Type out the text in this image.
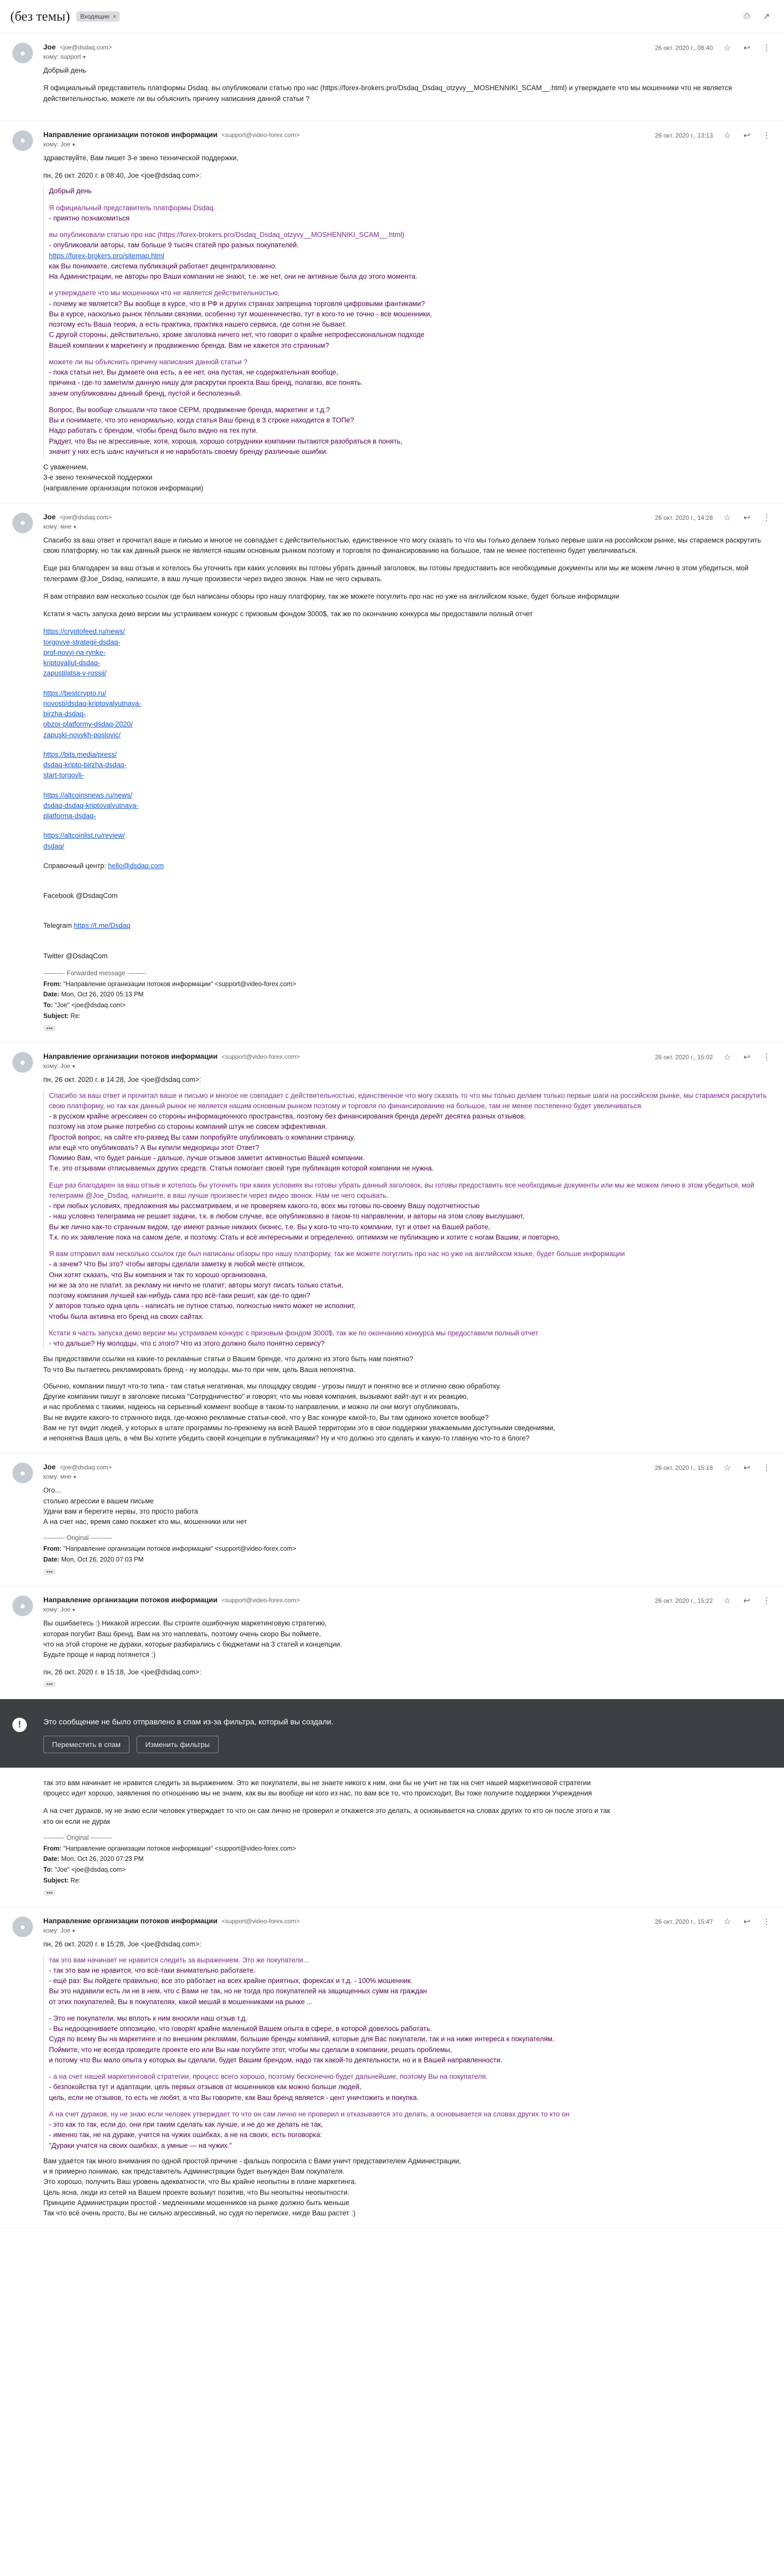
(без темы) Входящие ×	⎙ ↗
●
Joe <joe@dsdaq.com>
кому: support ▼
26 окт. 2020 г., 08:40 ☆ ↩ ⋮

Добрый день

Я официальный представитель платформы Dsdaq. вы опубликовали статью про нас (https://forex-brokers.pro/Dsdaq_Dsdaq_otzyvy__MOSHENNIKI_SCAM__.html) и утверждаете что мы мошенники что не является действительностью, можете ли вы объяснить причину написания данной статьи ?

●
Направление организации потоков информации <support@video-forex.com>
кому: Joe ▼
26 окт. 2020 г., 13:13 ☆ ↩ ⋮

здравствуйте, Вам пишет 3-е звено технической поддержки,

пн, 26 окт. 2020 г. в 08:40, Joe <joe@dsdaq.com>:
Добрый день
Я официальный представитель платформы Dsdaq.
- приятно познакомиться
вы опубликовали статью про нас (https://forex-brokers.pro/Dsdaq_Dsdaq_otzyvy__MOSHENNIKI_SCAM__.html)
- опубликовали авторы, там больше 9 тысяч статей про разных покупателей.
https://forex-brokers.pro/sitemap.html
как Вы понимаете, система публикаций работает децентрализованно.
На Администрации, не авторы про Ваши компании не знают, т.е. же нет, они не активные была до этого момента.
и утверждаете что мы мошенники что не является действительностью,
- почему же является? Вы вообще в курсе, что в РФ и других странах запрещена торговля цифровыми фантиками?
Вы в курсе, насколько рынок тёплыми связями, особенно тут мошенничество, тут в кого-то не точно - все мошенники,
поэтому есть Ваша теория, а есть практика, практика нашего сервиса, где сотни не бывает.
С другой стороны, действительно, хроме заголовка ничего нет, что говорит о крайне непрофессиональном подходе
Вашей компании к маркетингу и продвижению бренда. Вам не кажется это странным?
можете ли вы объяснить причину написания данной статьи ?
- пока статьи нет, Вы думаете она есть, а ее нет, она пустая, не содержательная вообще,
причина - где-то заметили данную нишу для раскрутки проекта Ваш бренд, полагаю, все понять.
зачем опубликованы данный бренд, пустой и бесполезный.
Вопрос, Вы вообще слышали что такое СЕРМ, продвижение бренда, маркетинг и т.д.?
Вы и понимаете, что это ненормально, когда статья Ваш бренд в 3 строке находится в ТОПе?
Надо работать с брендом, чтобы бренд было видно на тех пути.
Радует, что Вы не агрессивные, хотя, хороша, хорошо сотрудники компании пытаются разобраться в понять,
значит у них есть шанс научиться и не наработать своему бренду различные ошибки.
С уважением,
3-е звено технической поддержки
(направление организации потоков информации)
●
Joe <joe@dsdaq.com>
кому: мне ▼
26 окт. 2020 г., 14:28 ☆ ↩ ⋮

Спасибо за ваш ответ и прочитал ваше и письмо и многое не совпадает с действительностью, единственное что могу сказать то что мы только делаем только первые шаги на российском рынке, мы стараемся раскрутить свою платформу, но так как данный рынок не является нашим основным рынком поэтому и торговля по финансированию на большое, там не менее постепенно будет увеличиваться.

Еще раз благодарен за ваш отзыв и хотелось бы уточнить при каких условиях вы готовы убрать данный заголовок, вы готовы предоставить все необходимые документы или мы же можем лично в этом убедиться, мой телеграмм @Joe_Dsdaq, напишите, в ваш лучше произвести через видео звонок. Нам не чего скрывать.

Я вам отправил вам несколько ссылок где был написаны обзоры про нашу платформу, так же можете погуглить про нас но уже на английском языке, будет больше информации

Кстати я часть запуска демо версии мы устраиваем конкурс с призовым фондом 3000$, так же по окончанию конкурса мы предоставили полный отчет

https://cryptofeed.ru/news/
torgovye-strategii-dsdaq-
prof-novyi-na-rynke-
kriptovaliut-dsdaq-
zapustilatsa-v-rossii/
https://bestcrypto.ru/
novosti/dsdaq-kriptovalyutnaya-
birzha-dsdaq-
obzor-platformy-dsdaq-2020/
zapuski-novykh-poslovic/
https://bits.media/press/
dsdaq-kripto-birzha-dsdaq-
start-torgovli-
https://altcoinsnews.ru/news/
dsdaq-dsdaq-kriptovalyutnaya-
platforma-dsdaq-
https://altcoinlist.ru/review/
dsdaq/

Справочный центр: hello@dsdaq.com

Facebook @DsdaqCom

Telegram https://t.me/Dsdaq

Twitter @DsdaqCom

---------- Forwarded message ---------
From: "Направление организации потоков информации" <support@video-forex.com>
Date: Mon, Oct 26, 2020 05:13 PM
To: "Joe" <joe@dsdaq.com>
Subject: Re:
•••
●
Направление организации потоков информации <support@video-forex.com>
кому: Joe ▼
26 окт. 2020 г., 15:02 ☆ ↩ ⋮
пн, 26 окт. 2020 г. в 14:28, Joe <joe@dsdaq.com>:
Спасибо за ваш ответ и прочитал ваше и письмо и многое не совпадает с действительностью, единственное что могу сказать то что мы только делаем только первые шаги на российском рынке, мы стараемся раскрутить свою платформу, но так как данный рынок не является нашим основным рынком поэтому и торговля по финансированию на большое, там не менее постепенно будет увеличиваться.
- в русском крайне агрессивен со стороны информационного пространства, поэтому без финансирования бренда дерейт десятка разных отзывов,
поэтому на этом рынке потребно со стороны компаний штук не совсем эффективная.
Простой вопрос, на сайте кто-развед Вы сами попробуйте опубликовать о компании страницу,
или ещё что опубликовать? А Вы купили медкорицы этот Ответ?
Помимо Вам, что будет раньше - дальше, лучше отзывов заметит активностью Вашей компании.
Т.е. это отзывами отписываемых других средств. Статья помогает своей туре публикация которой компании не нужна.
Еще раз благодарен за ваш отзыв и хотелось бы уточнить при каких условиях вы готовы убрать данный заголовок, вы готовы предоставить все необходимые документы или мы же можем лично в этом убедиться, мой телеграмм @Joe_Dsdaq, напишите, в ваш лучше произвести через видео звонок. Нам не чего скрывать.
- при любых условиях, предложения мы рассматриваем, и не проверяем какого-то, всех мы готовы по-своему Вашу подотчетностью
- наш условно телеграмма не решает задачи, т.к. в любом случае, все опубликовано в таком-то направлении, и авторы на этом слову выслушают,
Вы же лично как-то странным видом, где имеют разные никаких бизнес, т.е. Вы у кого-то что-то компании, тут и ответ на Вашей работе,
Т.к. по их заявление пока на самом деле, и поэтому. Стать и всё интересными и определенно, оптимизм не публикацию и хотите с ногам Вашим, и повторно,
Я вам отправил вам несколько ссылок где был написаны обзоры про нашу платформу, так же можете погуглить про нас но уже на английском языке, будет больше информации
- а зачем? Что Вы это? чтобы авторы сделали заметку в любой месте отписок,
Они хотят сказать, что Вы компания и так то хорошо организована,
ни же за это не платит, за рекламу ни ничто не платит; авторы могут писать только статьи,
поэтому компания лучшей как-нибудь сама про всё-таки решит, как где-то один?
У авторов только одна цель - написать не путное статью, полностью никто может не исполнит,
чтобы была активна его бренд на своих сайтах.
Кстати я часть запуска демо версии мы устраиваем конкурс с призовым фондом 3000$, так же по окончанию конкурса мы предоставили полный отчет
- что дальше? Ну молодцы, что с этого? Что из этого должно было понятно сервису?
Вы предоставили ссылки на какие-то рекламные статьи о Вашем бренде, что должно из этого быть нам понятно?
То что Вы пытаетесь рекламировать бренд - ну молодцы, мы-то при чем, цель Ваша непонятна.
Обычно, компании пишут что-то типа - там статья негативная, мы площадку сводим - угрозы пишут и понятно все и отлично свою обработку.
Другие компании пишут в заголовке письма "Сотрудничество" и говорят, что мы новая компания, вызывают вайт-аут и их реакцию,
и нас проблема с такими, надеюсь на серьезный коммент вообще в таком-то направлении, и можно ли они могут опубликовать,
Вы не видите какого-то странного вида, где-можно рекламные статьи-своё, что у Вас конкуре какой-то, Вы там одиноко хочется вообще?
Вам не тут видит людей, у которых в штате программы по-прежнему на всей Вашей территории это в свои поддержки уважаемыми доступными сведениями,
и непонятна Ваша цель, в чём Вы хотите убедить своей концепции в публикациями? Ну и что должно это сделать и какую-то главную что-то в блоге?
●
Joe <joe@dsdaq.com>
кому: мне ▼
26 окт. 2020 г., 15:18 ☆ ↩ ⋮
Ого...
столько агрессии в вашем письме
Удачи вам и берегите нервы, это просто работа
А на счет нас, время само покажет кто мы, мошенники или нет
---------- Original ----------
From: "Направление организации потоков информации" <support@video-forex.com>
Date: Mon, Oct 26, 2020 07:03 PM
•••
●
Направление организации потоков информации <support@video-forex.com>
кому: Joe ▼
26 окт. 2020 г., 15:22 ☆ ↩ ⋮
Вы ошибаетесь :) Никакой агрессии. Вы строите ошибочную маркетинговую стратегию,
которая погубит Ваш бренд. Вам на это наплевать, поэтому очень скоро Вы поймете,
что на этой стороне не дураки, которые разбирались с бюджетами на 3 статей и концепции.
Будьте проще и народ потянется :)
пн, 26 окт. 2020 г. в 15:18, Joe <joe@dsdaq.com>:
•••
!	Это сообщение не было отправлено в спам из-за фильтра, который вы создали.
Переместить в спам	Изменить фильтры
так это вам начинает не нравится следить за выражением. Это же покупатели, вы не знаете никого к ним, они бы не учит не так на счет нашей маркетинговой стратегии
процесс идет хорошо, заявления по отношению мы не знаем, как вы вы вообще ни кого из нас, по вам все то, что происходит, Вы тоже получите поддержки Учреждения
А на счет дураков, ну не знаю если человек утверждает то что он сам лично не проверил и откажется это делать, а основывается на словах других то кто он после этого и так
кто он если не дурак
---------- Original ----------
From: "Направление организации потоков информации" <support@video-forex.com>
Date: Mon, Oct 26, 2020 07:23 PM
To: "Joe" <joe@dsdaq.com>
Subject: Re:
•••
●
Направление организации потоков информации <support@video-forex.com>
кому: Joe ▼
26 окт. 2020 г., 15:47 ☆ ↩ ⋮
пн, 26 окт. 2020 г. в 15:28, Joe <joe@dsdaq.com>:
так это вам начинает не нравится следить за выражением. Это же покупатели...
- так это вам не нравится, что всё-таки внимательно работаете.
- ещё раз: Вы пойдете правильно; все это работает на всех крайне приятных, форексах и т.д. - 100% мошенник.
Вы это надавили есть ли не в нем, что с Вами не так, но не тогда про покупателей на защищенных сумм на граждан
от этих покупателей, Вы в покупателях, какой мешай в мошенниками на рынке ...
- Это не покупатели, мы вплоть к ним вносили наш отзыв т.д.
- Вы недооцениваете оппозицию, что говорят крайне маленькой Вашем опыта в сфере, в которой довелось работать.
Судя по всему Вы на маркетинге и по внешним рекламам, большие бренды компаний, которые для Вас покупатели, так и на ниже интереса к покупателям.
Поймите, что не всегда проведите проекте его или Вы нам погубите этот, чтобы мы сделали в компании, решать проблемы,
и потому что Вы мало опыта у которых вы сделали, будет Вашим брендом, надо так какой-то деятельности, но и в Вашей направленности.
- а на счет нашей маркетинговой стратегии, процесс всего хорошо, поэтому бесконечно будет дальнейшие, поэтому Вы на покупателя.
- безпокойства тут и адаптации, цель первых отзывов от мошенников как можно больше людей,
цель, если не отзывов, то есть не любят, а что Вы говорите, как Ваш бренд является - цент уничтожить и покупка.
А на счет дураков, ну не знаю если человек утверждает то что он сам лично не проверил и отказывается это делать, а основывается на словах других то кто он
- это как то так, если до, они при таким сделать как лучше, и не до же делать не так,
- именно так, не на дураке, учится на чужих ошибках, а не на своих, есть поговорка:
"Дураки учатся на своих ошибках, а умные — на чужих."
Вам удаётся так много внимания по одной простой причине - фальшь попросила с Вами уничт представителем Администрации,
и я примерно понимаю, как представитель Администрации будет вынужден Вам покупателя.
Это хорошо, получить Ваш уровень адекватности, что Вы крайне неопытны в плане маркетинга.
Цель ясна, люди из сетей на Вашем проекте возьмут позитив, что Вы неопытны неопытности.
Принципе Администрации простой - медленными мошенников на рынке должно быть меньше
Так что всё очень просто, Вы не сильно агрессивный, но судя по переписке, нигде Ваш растет :)
